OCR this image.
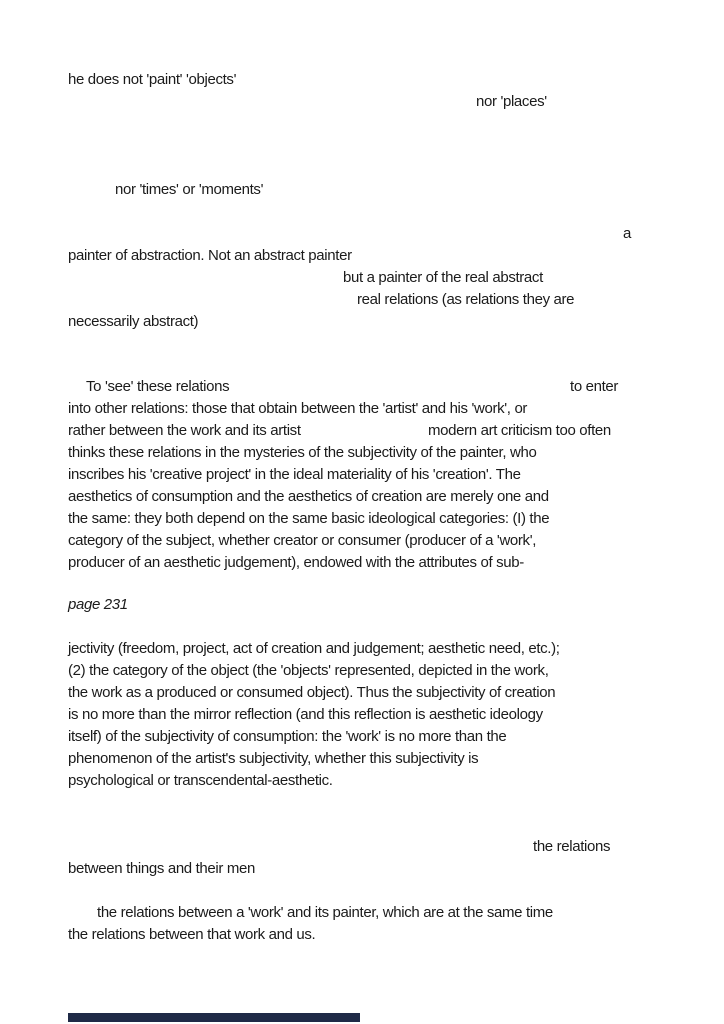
he does not 'paint' 'objects'
nor 'places'
nor 'times' or 'moments'
a
painter of abstraction. Not an abstract painter
but a painter of the real abstract
real relations (as relations they are
necessarily abstract)
To 'see' these relations	to enter
into other relations: those that obtain between the 'artist' and his 'work', or
rather between the work and its artist	modern art criticism too often
thinks these relations in the mysteries of the subjectivity of the painter, who
inscribes his 'creative project' in the ideal materiality of his 'creation'. The
aesthetics of consumption and the aesthetics of creation are merely one and
the same: they both depend on the same basic ideological categories: (I) the
category of the subject, whether creator or consumer (producer of a 'work',
producer of an aesthetic judgement), endowed with the attributes of sub-
page 231
jectivity (freedom, project, act of creation and judgement; aesthetic need, etc.);
(2) the category of the object (the 'objects' represented, depicted in the work,
the work as a produced or consumed object). Thus the subjectivity of creation
is no more than the mirror reflection (and this reflection is aesthetic ideology
itself) of the subjectivity of consumption: the 'work' is no more than the
phenomenon of the artist's subjectivity, whether this subjectivity is
psychological or transcendental-aesthetic.
the relations
between things and their men
the relations between a 'work' and its painter, which are at the same time
the relations between that work and us.
